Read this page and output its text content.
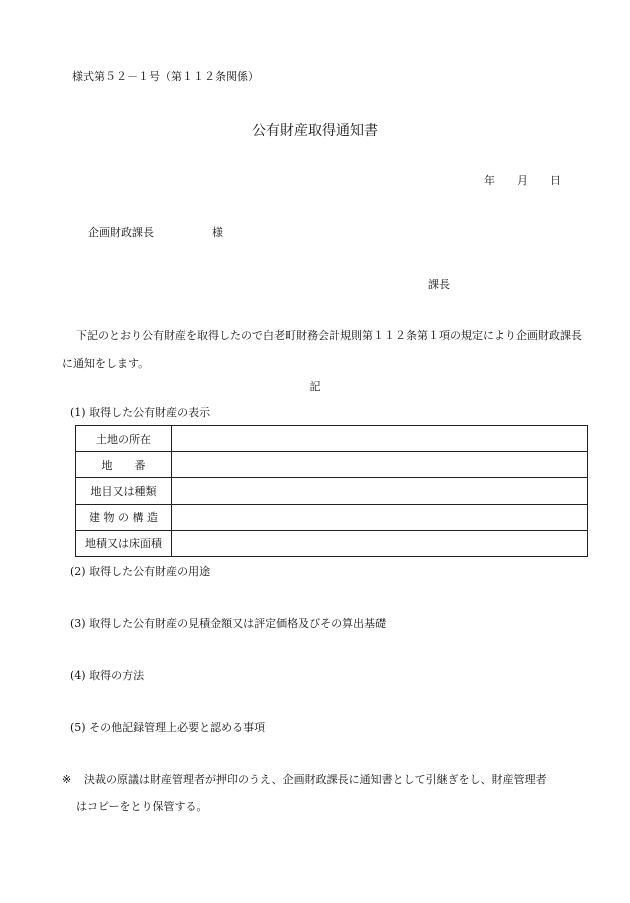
様式第５２－１号（第１１２条関係）
公有財産取得通知書
年 月 日
企画財政課長	様
課長
下記のとおり公有財産を取得したので白老町財務会計規則第１１２条第１項の規定により企画財政課長に通知をします。
記
(1) 取得した公有財産の表示
土地の所在	
地　　番	
地目又は種類	
建 物 の 構 造	
地積又は床面積	
(2) 取得した公有財産の用途
(3) 取得した公有財産の見積金額又は評定価格及びその算出基礎
(4) 取得の方法
(5) その他記録管理上必要と認める事項
※ 決裁の原議は財産管理者が押印のうえ、企画財政課長に通知書として引継ぎをし、財産管理者
はコピーをとり保管する。
